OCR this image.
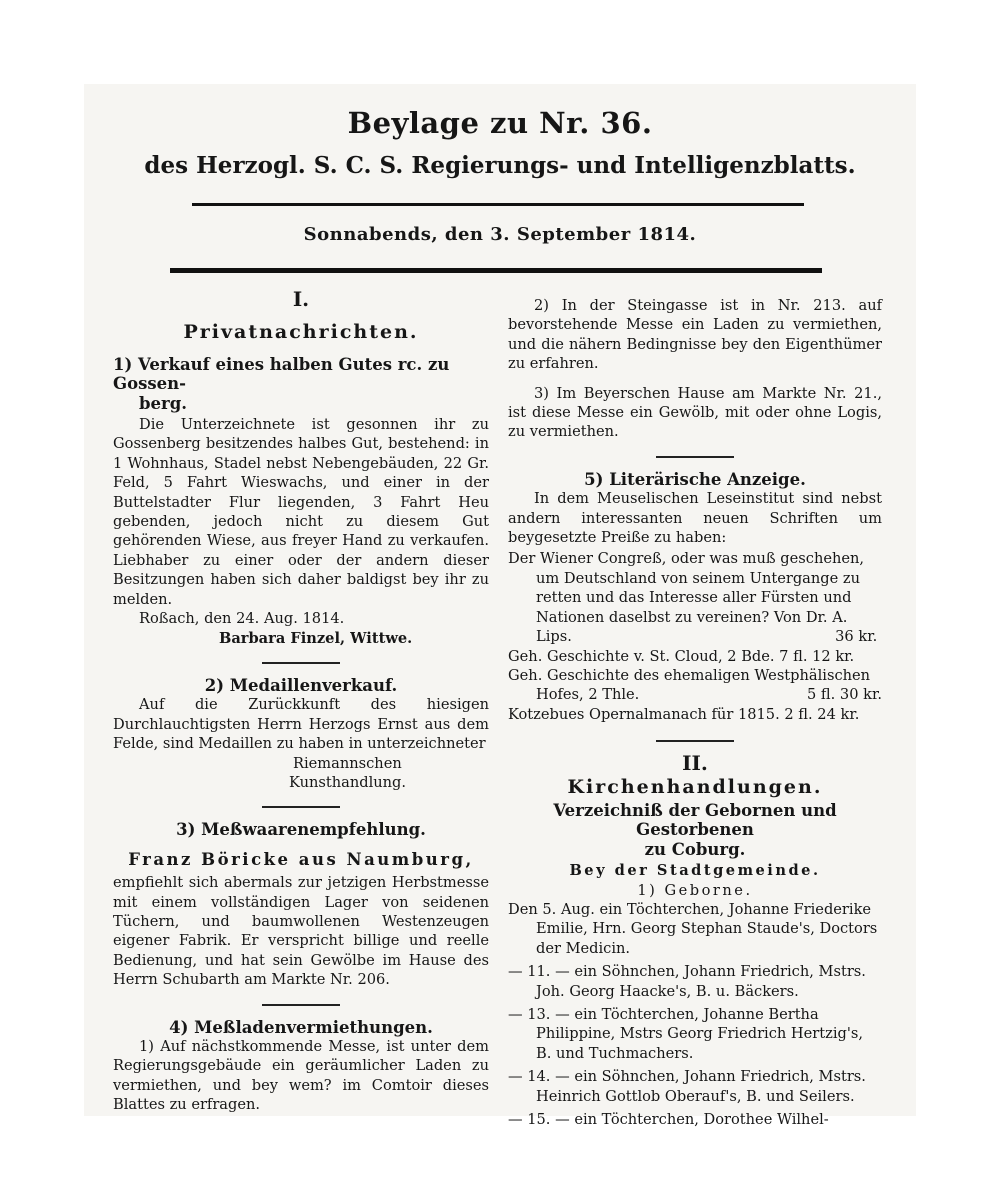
Beylage zu Nr. 36.
des Herzogl. S. C. S. Regierungs- und Intelligenzblatts.
Sonnabends, den 3. September 1814.

I.

Privatnachrichten.

1) Verkauf eines halben Gutes rc. zu Gossen-

berg.

Die Unterzeichnete ist gesonnen ihr zu Gossenberg besitzendes halbes Gut, bestehend: in 1 Wohnhaus, Stadel nebst Nebengebäuden, 22 Gr. Feld, 5 Fahrt Wieswachs, und einer in der Buttelstadter Flur liegenden, 3 Fahrt Heu gebenden, jedoch nicht zu diesem Gut gehörenden Wiese, aus freyer Hand zu verkaufen. Liebhaber zu einer oder der andern dieser Besitzungen haben sich daher baldigst bey ihr zu melden.

Roßach, den 24. Aug. 1814.

Barbara Finzel, Wittwe.

2) Medaillenverkauf.

Auf die Zurückkunft des hiesigen Durchlauchtigsten Herrn Herzogs Ernst aus dem Felde, sind Medaillen zu haben in unterzeichneter

Riemannschen

Kunsthandlung.

3) Meßwaarenempfehlung.

Franz Böricke aus Naumburg,

empfiehlt sich abermals zur jetzigen Herbstmesse mit einem vollständigen Lager von seidenen Tüchern, und baumwollenen Westenzeugen eigener Fabrik. Er verspricht billige und reelle Bedienung, und hat sein Gewölbe im Hause des Herrn Schubarth am Markte Nr. 206.

4) Meßladenvermiethungen.

1) Auf nächstkommende Messe, ist unter dem Regierungsgebäude ein geräumlicher Laden zu vermiethen, und bey wem? im Comtoir dieses Blattes zu erfragen.

2) In der Steingasse ist in Nr. 213. auf bevorstehende Messe ein Laden zu vermiethen, und die nähern Bedingnisse bey den Eigenthümer zu erfahren.

3) Im Beyerschen Hause am Markte Nr. 21., ist diese Messe ein Gewölb, mit oder ohne Logis, zu vermiethen.

5) Literärische Anzeige.

In dem Meuselischen Leseinstitut sind nebst andern interessanten neuen Schriften um beygesetzte Preiße zu haben:

Der Wiener Congreß, oder was muß geschehen, um Deutschland von seinem Untergange zu retten und das Interesse aller Fürsten und Nationen daselbst zu vereinen? Von Dr. A. Lips.	36 kr.

Geh. Geschichte v. St. Cloud, 2 Bde. 7 fl. 12 kr.

Geh. Geschichte des ehemaligen Westphälischen Hofes, 2 Thle.	5 fl. 30 kr.

Kotzebues Opernalmanach für 1815. 2 fl. 24 kr.

II.

Kirchenhandlungen.

Verzeichniß der Gebornen und Gestorbenen

zu Coburg.

Bey der Stadtgemeinde.

1) Geborne.

Den 5. Aug. ein Töchterchen, Johanne Friederike Emilie, Hrn. Georg Stephan Staude's, Doctors der Medicin.

— 11. — ein Söhnchen, Johann Friedrich, Mstrs. Joh. Georg Haacke's, B. u. Bäckers.

— 13. — ein Töchterchen, Johanne Bertha Philippine, Mstrs Georg Friedrich Hertzig's, B. und Tuchmachers.

— 14. — ein Söhnchen, Johann Friedrich, Mstrs. Heinrich Gottlob Oberauf's, B. und Seilers.

— 15. — ein Töchterchen, Dorothee Wilhel-
